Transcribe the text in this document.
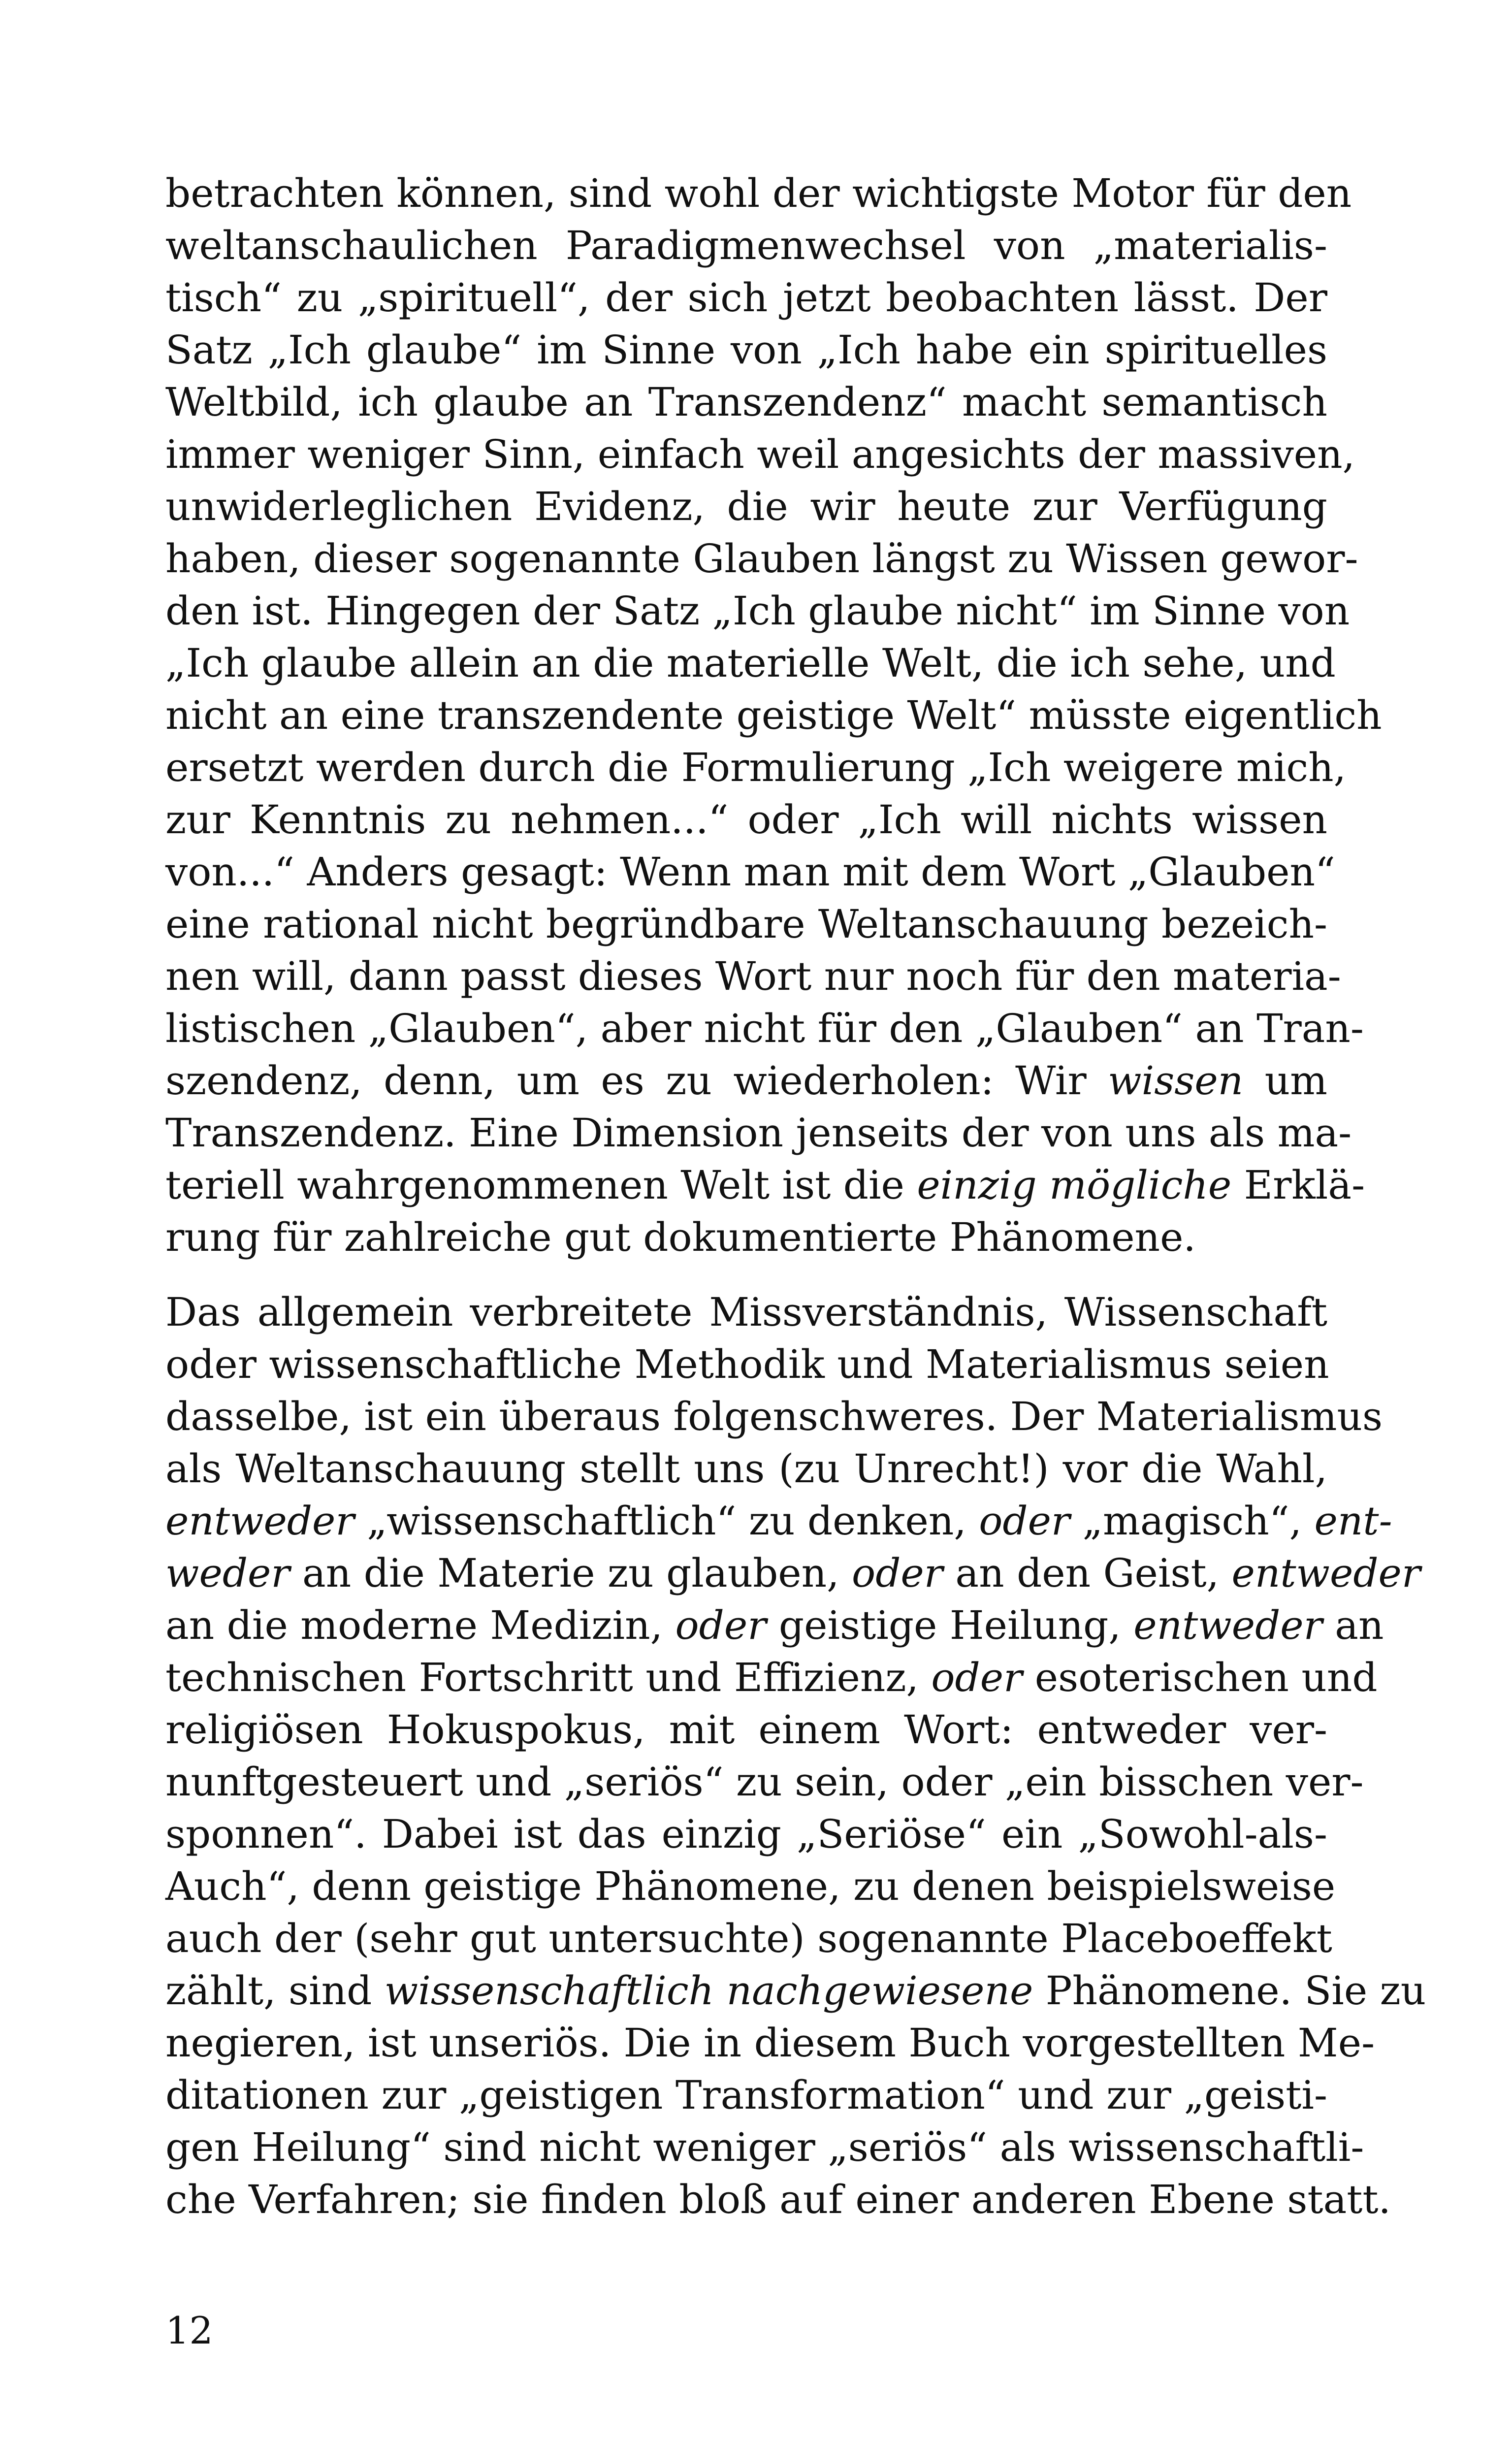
betrachten können, sind wohl der wichtigste Motor für den
weltanschaulichen Paradigmenwechsel von „materialis-
tisch“ zu „spirituell“, der sich jetzt beobachten lässt. Der
Satz „Ich glaube“ im Sinne von „Ich habe ein spirituelles
Weltbild, ich glaube an Transzendenz“ macht semantisch
immer weniger Sinn, einfach weil angesichts der massiven,
unwiderleglichen Evidenz, die wir heute zur Verfügung
haben, dieser sogenannte Glauben längst zu Wissen gewor-
den ist. Hingegen der Satz „Ich glaube nicht“ im Sinne von
„Ich glaube allein an die materielle Welt, die ich sehe, und
nicht an eine transzendente geistige Welt“ müsste eigentlich
ersetzt werden durch die Formulierung „Ich weigere mich,
zur Kenntnis zu nehmen...“ oder „Ich will nichts wissen
von...“ Anders gesagt: Wenn man mit dem Wort „Glauben“
eine rational nicht begründbare Weltanschauung bezeich-
nen will, dann passt dieses Wort nur noch für den materia-
listischen „Glauben“, aber nicht für den „Glauben“ an Tran-
szendenz, denn, um es zu wiederholen: Wir wissen um
Transzendenz. Eine Dimension jenseits der von uns als ma-
teriell wahrgenommenen Welt ist die einzig mögliche Erklä-
rung für zahlreiche gut dokumentierte Phänomene.
Das allgemein verbreitete Missverständnis, Wissenschaft
oder wissenschaftliche Methodik und Materialismus seien
dasselbe, ist ein überaus folgenschweres. Der Materialismus
als Weltanschauung stellt uns (zu Unrecht!) vor die Wahl,
entweder „wissenschaftlich“ zu denken, oder „magisch“, ent-
weder an die Materie zu glauben, oder an den Geist, entweder
an die moderne Medizin, oder geistige Heilung, entweder an
technischen Fortschritt und Effizienz, oder esoterischen und
religiösen Hokuspokus, mit einem Wort: entweder ver-
nunftgesteuert und „seriös“ zu sein, oder „ein bisschen ver-
sponnen“. Dabei ist das einzig „Seriöse“ ein „Sowohl-als-
Auch“, denn geistige Phänomene, zu denen beispielsweise
auch der (sehr gut untersuchte) sogenannte Placeboeffekt
zählt, sind wissenschaftlich nachgewiesene Phänomene. Sie zu
negieren, ist unseriös. Die in diesem Buch vorgestellten Me-
ditationen zur „geistigen Transformation“ und zur „geisti-
gen Heilung“ sind nicht weniger „seriös“ als wissenschaftli-
che Verfahren; sie finden bloß auf einer anderen Ebene statt.
12
